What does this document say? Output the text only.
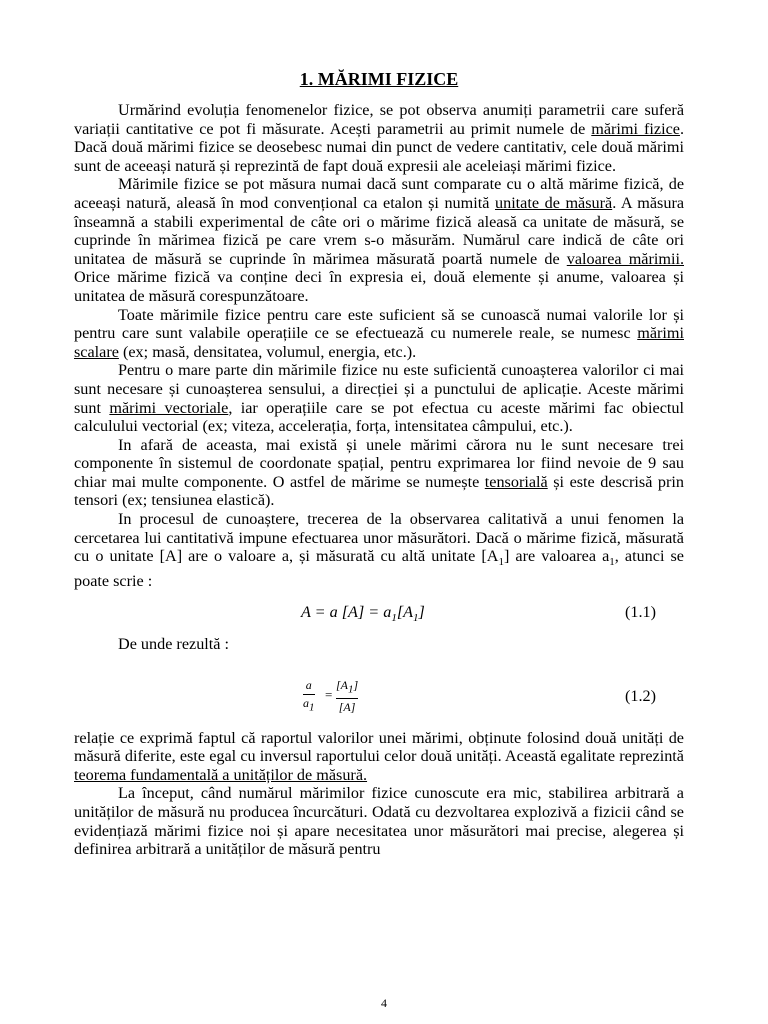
1. MĂRIMI FIZICE

Urmărind evoluția fenomenelor fizice, se pot observa anumiți parametrii care suferă variații cantitative ce pot fi măsurate. Acești parametrii au primit numele de mărimi fizice. Dacă două mărimi fizice se deosebesc numai din punct de vedere cantitativ, cele două mărimi sunt de aceeași natură și reprezintă de fapt două expresii ale aceleiași mărimi fizice.

Mărimile fizice se pot măsura numai dacă sunt comparate cu o altă mărime fizică, de aceeași natură, aleasă în mod convențional ca etalon și numită unitate de măsură. A măsura înseamnă a stabili experimental de câte ori o mărime fizică aleasă ca unitate de măsură, se cuprinde în mărimea fizică pe care vrem s-o măsurăm. Numărul care indică de câte ori unitatea de măsură se cuprinde în mărimea măsurată poartă numele de valoarea mărimii. Orice mărime fizică va conține deci în expresia ei, două elemente și anume, valoarea și unitatea de măsură corespunzătoare.

Toate mărimile fizice pentru care este suficient să se cunoască numai valorile lor și pentru care sunt valabile operațiile ce se efectuează cu numerele reale, se numesc mărimi scalare (ex; masă, densitatea, volumul, energia, etc.).

Pentru o mare parte din mărimile fizice nu este suficientă cunoașterea valorilor ci mai sunt necesare și cunoașterea sensului, a direcției și a punctului de aplicație. Aceste mărimi sunt mărimi vectoriale, iar operațiile care se pot efectua cu aceste mărimi fac obiectul calculului vectorial (ex; viteza, accelerația, forța, intensitatea câmpului, etc.).

In afară de aceasta, mai există și unele mărimi cărora nu le sunt necesare trei componente în sistemul de coordonate spațial, pentru exprimarea lor fiind nevoie de 9 sau chiar mai multe componente. O astfel de mărime se numește tensorială și este descrisă prin tensori (ex; tensiunea elastică).

In procesul de cunoaștere, trecerea de la observarea calitativă a unui fenomen la cercetarea lui cantitativă impune efectuarea unor măsurători. Dacă o mărime fizică, măsurată cu o unitate [A] are o valoare a, și măsurată cu altă unitate $[A_1]$ are valoarea $a_1$, atunci se poate scrie :

A = a $[A] = a_1[A_1]$	(1.1)

De unde rezultă :

a
$a_1$
=
$[A_1]$
[A]
(1.2)

relație ce exprimă faptul că raportul valorilor unei mărimi, obținute folosind două unități de măsură diferite, este egal cu inversul raportului celor două unități. Această egalitate reprezintă teorema fundamentală a unităților de măsură.

La început, când numărul mărimilor fizice cunoscute era mic, stabilirea arbitrară a unităților de măsură nu producea încurcături. Odată cu dezvoltarea explozivă a fizicii când se evidențiază mărimi fizice noi și apare necesitatea unor măsurători mai precise, alegerea și definirea arbitrară a unităților de măsură pentru

4
